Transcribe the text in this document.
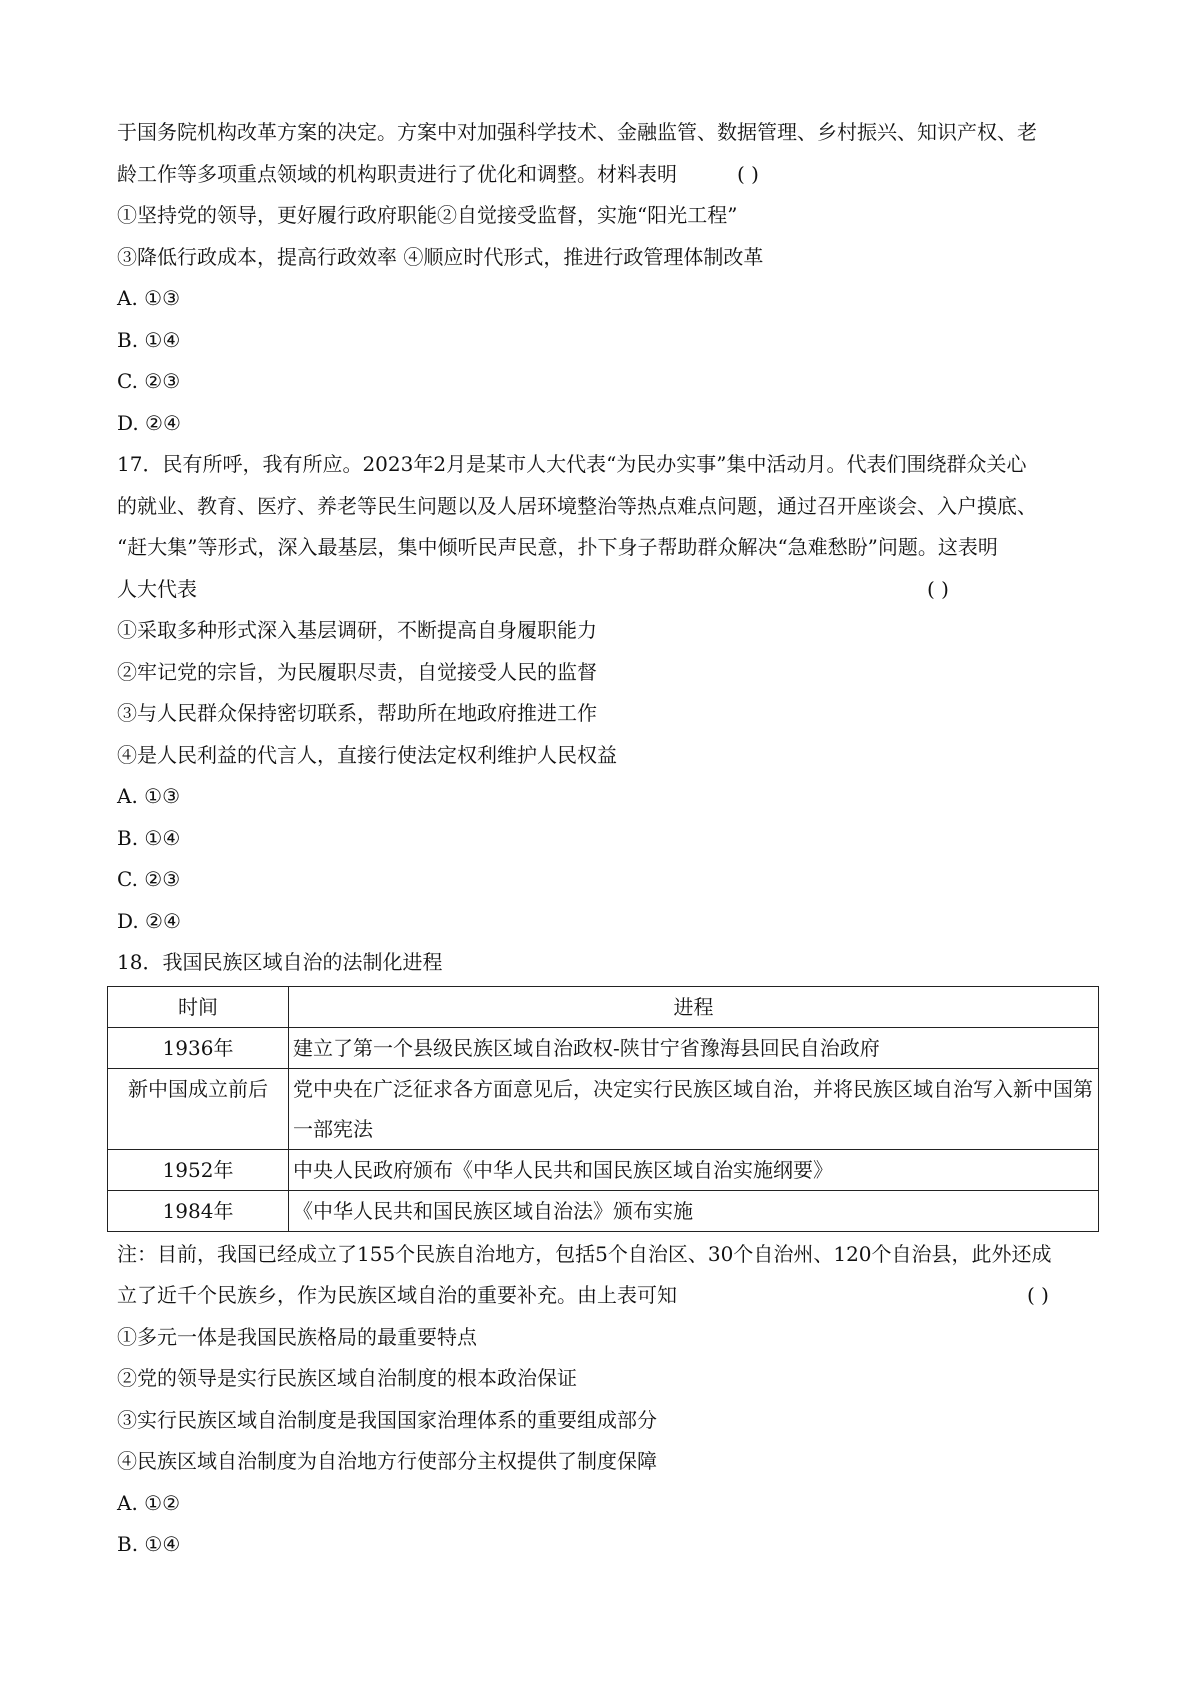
于国务院机构改革方案的决定。方案中对加强科学技术、金融监管、数据管理、乡村振兴、知识产权、老
龄工作等多项重点领域的机构职责进行了优化和调整。材料表明	( )
①坚持党的领导，更好履行政府职能②自觉接受监督，实施“阳光工程”
③降低行政成本，提高行政效率 ④顺应时代形式，推进行政管理体制改革
A. ①③
B. ①④
C. ②③
D. ②④
17．民有所呼，我有所应。2023年2月是某市人大代表“为民办实事”集中活动月。代表们围绕群众关心
的就业、教育、医疗、养老等民生问题以及人居环境整治等热点难点问题，通过召开座谈会、入户摸底、
“赶大集”等形式，深入最基层，集中倾听民声民意，扑下身子帮助群众解决“急难愁盼”问题。这表明
人大代表	( )
①采取多种形式深入基层调研，不断提高自身履职能力
②牢记党的宗旨，为民履职尽责，自觉接受人民的监督
③与人民群众保持密切联系，帮助所在地政府推进工作
④是人民利益的代言人，直接行使法定权利维护人民权益
A. ①③
B. ①④
C. ②③
D. ②④
18．我国民族区域自治的法制化进程
时间	进程
1936年	建立了第一个县级民族区域自治政权-陕甘宁省豫海县回民自治政府
新中国成立前后	党中央在广泛征求各方面意见后，决定实行民族区域自治，并将民族区域自治写入新中国第一部宪法
1952年	中央人民政府颁布《中华人民共和国民族区域自治实施纲要》
1984年	《中华人民共和国民族区域自治法》颁布实施
注：目前，我国已经成立了155个民族自治地方，包括5个自治区、30个自治州、120个自治县，此外还成
立了近千个民族乡，作为民族区域自治的重要补充。由上表可知	( )
①多元一体是我国民族格局的最重要特点
②党的领导是实行民族区域自治制度的根本政治保证
③实行民族区域自治制度是我国国家治理体系的重要组成部分
④民族区域自治制度为自治地方行使部分主权提供了制度保障
A. ①②
B. ①④
